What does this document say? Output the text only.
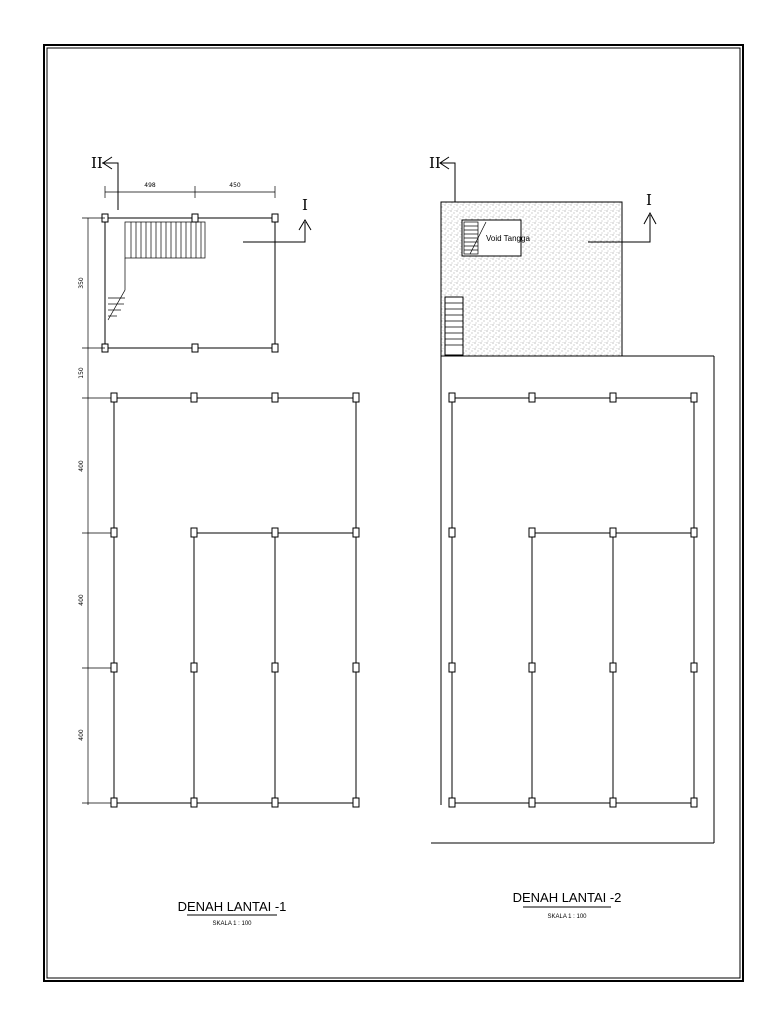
I
II
498	450
350
150
400
400
400
DENAH LANTAI -1
SKALA 1 : 100
Void Tangga
I
II
DENAH LANTAI -2
SKALA 1 : 100
